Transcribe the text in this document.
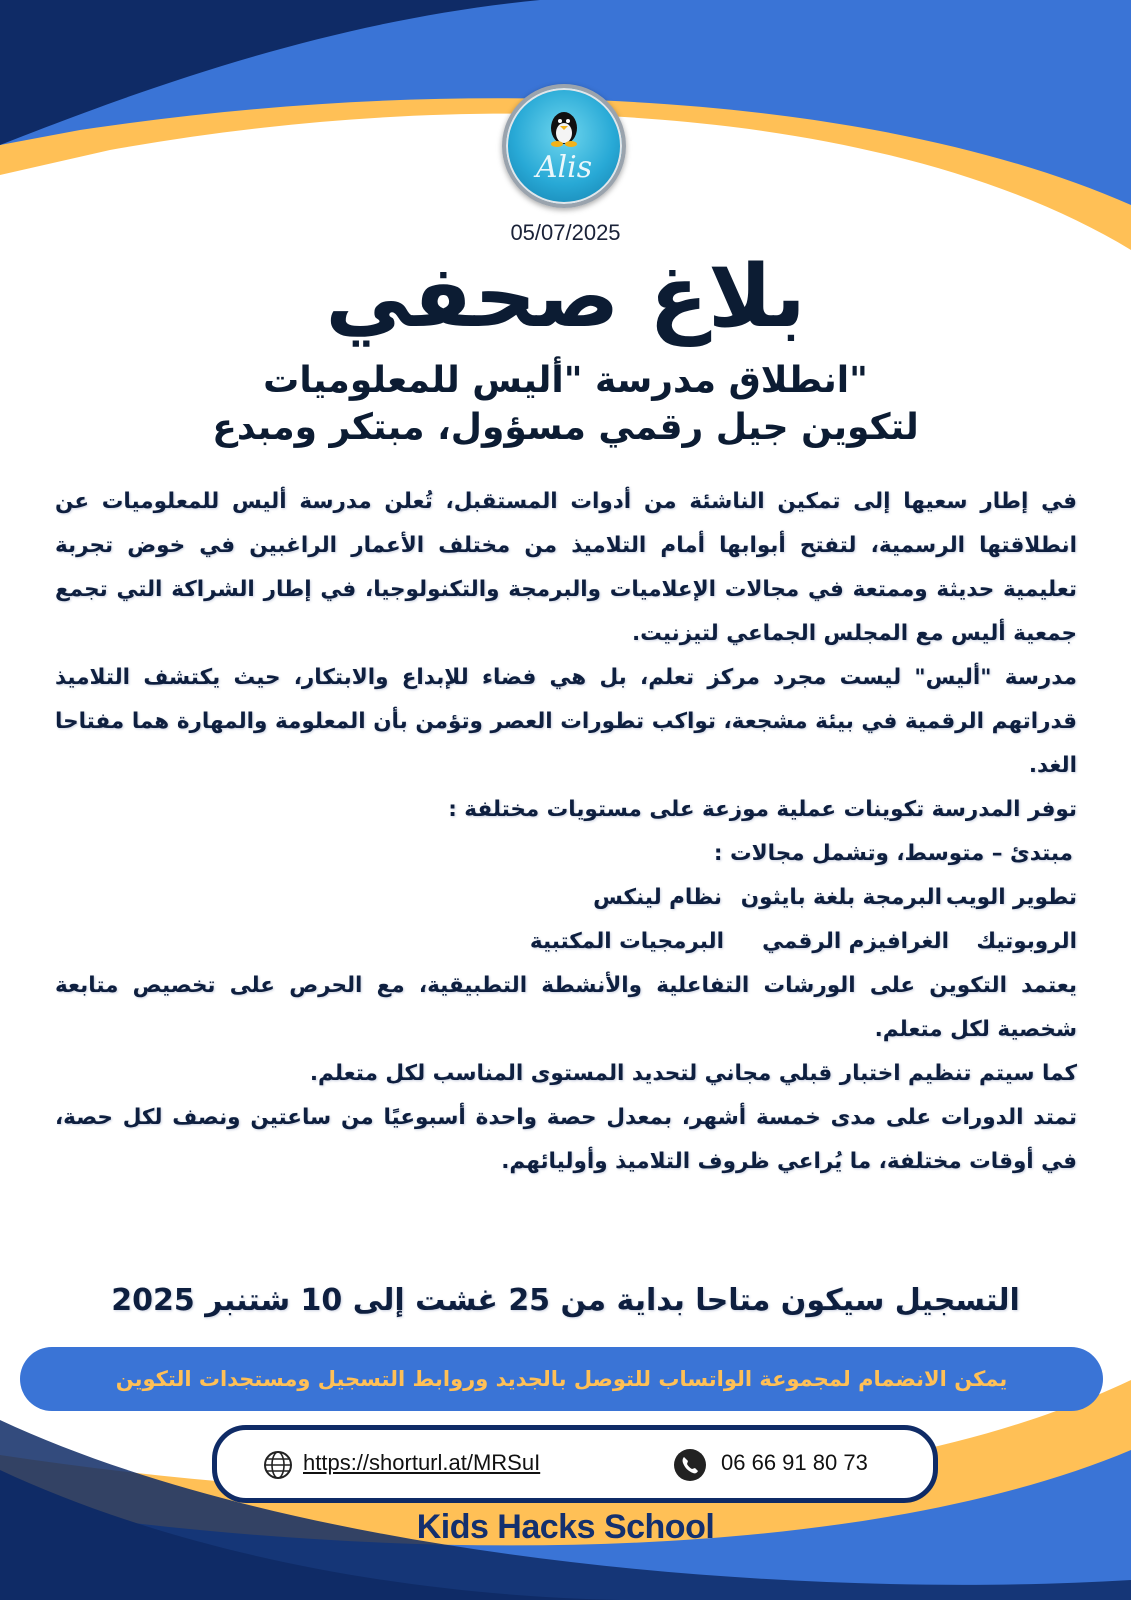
Alis
05/07/2025
بلاغ صحفي
انطلاق مدرسة "أليس للمعلوميات"
لتكوين جيل رقمي مسؤول، مبتكر ومبدع

في إطار سعيها إلى تمكين الناشئة من أدوات المستقبل، تُعلن مدرسة أليس للمعلوميات عن انطلاقتها الرسمية، لتفتح أبوابها أمام التلاميذ من مختلف الأعمار الراغبين في خوض تجربة تعليمية حديثة وممتعة في مجالات الإعلاميات والبرمجة والتكنولوجيا، في إطار الشراكة التي تجمع جمعية أليس مع المجلس الجماعي لتيزنيت.

مدرسة "أليس" ليست مجرد مركز تعلم، بل هي فضاء للإبداع والابتكار، حيث يكتشف التلاميذ قدراتهم الرقمية في بيئة مشجعة، تواكب تطورات العصر وتؤمن بأن المعلومة والمهارة هما مفتاحا الغد.

توفر المدرسة تكوينات عملية موزعة على مستويات مختلفة :

مبتدئ – متوسط، وتشمل مجالات :

تطوير الويب
البرمجة بلغة بايثون
نظام لينكس
الروبوتيك
الغرافيزم الرقمي
البرمجيات المكتبية

يعتمد التكوين على الورشات التفاعلية والأنشطة التطبيقية، مع الحرص على تخصيص متابعة شخصية لكل متعلم.

كما سيتم تنظيم اختبار قبلي مجاني لتحديد المستوى المناسب لكل متعلم.

تمتد الدورات على مدى خمسة أشهر، بمعدل حصة واحدة أسبوعيًا من ساعتين ونصف لكل حصة، في أوقات مختلفة، ما يُراعي ظروف التلاميذ وأوليائهم.

التسجيل سيكون متاحا بداية من 25 غشت إلى 10 شتنبر 2025
يمكن الانضمام لمجموعة الواتساب للتوصل بالجديد وروابط التسجيل ومستجدات التكوين
https://shorturl.at/MRSuI	06 66 91 80 73
Kids Hacks School
